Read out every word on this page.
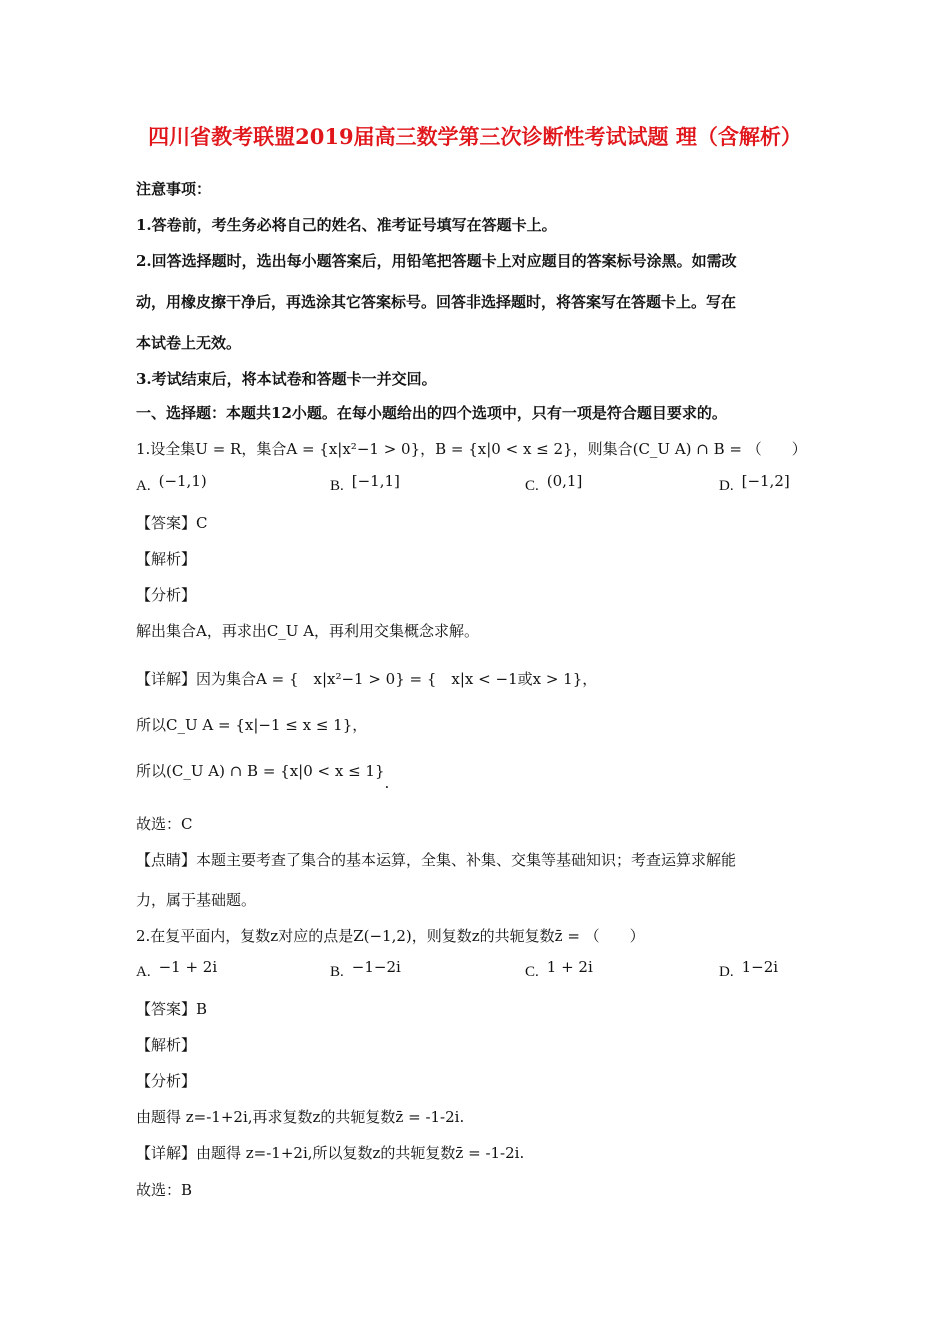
四川省教考联盟2019届高三数学第三次诊断性考试试题 理（含解析）
注意事项：
1.答卷前，考生务必将自己的姓名、准考证号填写在答题卡上。
2.回答选择题时，选出每小题答案后，用铅笔把答题卡上对应题目的答案标号涂黑。如需改
动，用橡皮擦干净后，再选涂其它答案标号。回答非选择题时，将答案写在答题卡上。写在
本试卷上无效。
3.考试结束后，将本试卷和答题卡一并交回。
一、选择题：本题共12小题。在每小题给出的四个选项中，只有一项是符合题目要求的。
1.设全集U = R，集合A = {x|x²−1 > 0}，B = {x|0 < x ≤ 2}，则集合(C_U A) ∩ B = （　　）
A. (−1,1)	B. [−1,1]	C. (0,1]	D. [−1,2]
【答案】C
【解析】
【分析】
解出集合A，再求出C_U A，再利用交集概念求解。
【详解】因为集合A = {　x|x²−1 > 0} = {　x|x < −1或x > 1}，
所以C_U A = {x|−1 ≤ x ≤ 1}，
所以(C_U A) ∩ B = {x|0 < x ≤ 1}.
故选：C
【点睛】本题主要考查了集合的基本运算，全集、补集、交集等基础知识；考查运算求解能
力，属于基础题。
2.在复平面内，复数z对应的点是Z(−1,2)，则复数z的共轭复数z̄ = （　　）
A. −1 + 2i	B. −1−2i	C. 1 + 2i	D. 1−2i
【答案】B
【解析】
【分析】
由题得 z=-1+2i,再求复数z的共轭复数z̄ = -1-2i.
【详解】由题得 z=-1+2i,所以复数z的共轭复数z̄ = -1-2i.
故选：B
